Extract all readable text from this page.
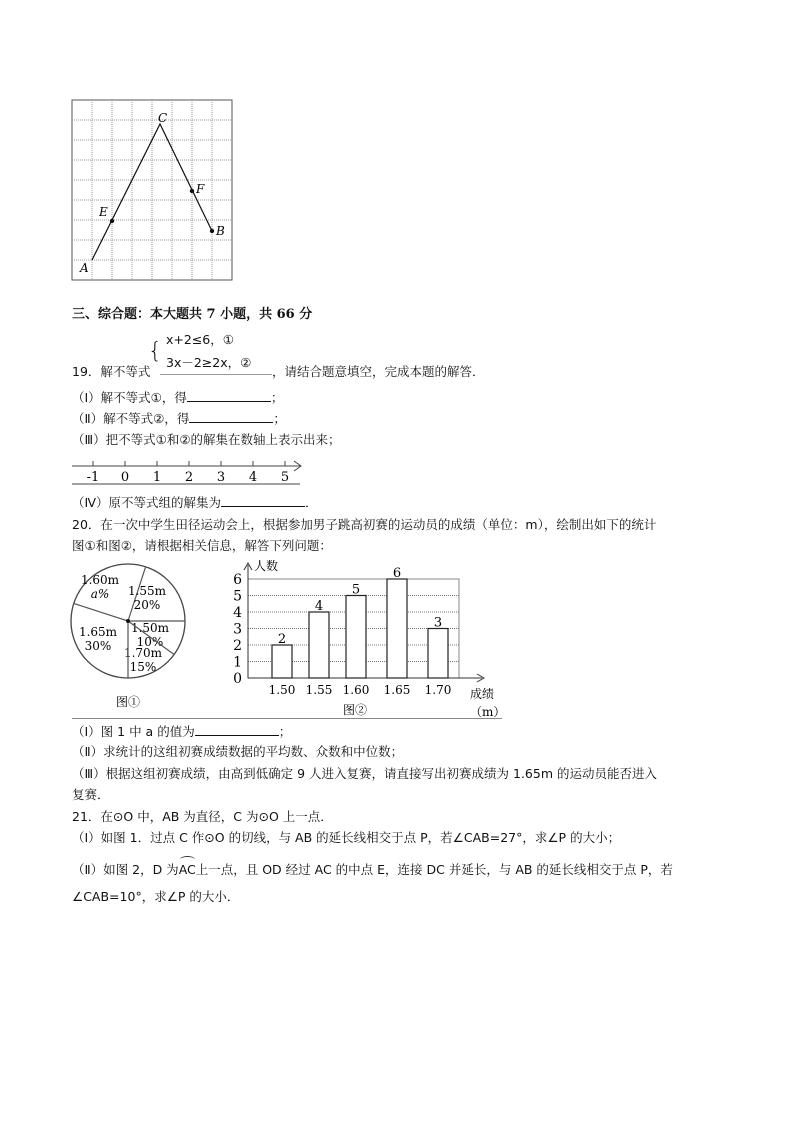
A
B
C
E
F
三、综合题：本大题共 7 小题，共 66 分
19．解不等式
{ x+2≤6，①
3x－2≥2x，②
，请结合题意填空，完成本题的解答．
（Ⅰ）解不等式①，得	；
（Ⅱ）解不等式②，得	；
（Ⅲ）把不等式①和②的解集在数轴上表示出来；
（Ⅳ）原不等式组的解集为	．
-1 0 1 2 3 4 5
20．在一次中学生田径运动会上，根据参加男子跳高初赛的运动员的成绩（单位：m），绘制出如下的统计
图①和图②，请根据相关信息，解答下列问题：
1.50m
10%
1.70m
15%
1.65m
30%
1.60m
a% 1.55m
20%
图①
0
1
2
3
4
5
6
人数
2
1.50
4
1.55
5
1.60
6
1.65
3
1.70 成绩
（m）
图②
（Ⅰ）图 1 中 a 的值为	；
（Ⅱ）求统计的这组初赛成绩数据的平均数、众数和中位数；
（Ⅲ）根据这组初赛成绩，由高到低确定 9 人进入复赛，请直接写出初赛成绩为 1.65m 的运动员能否进入
复赛．
21．在⊙O 中，AB 为直径，C 为⊙O 上一点．
（Ⅰ）如图 1．过点 C 作⊙O 的切线，与 AB 的延长线相交于点 P，若∠CAB=27°，求∠P 的大小；
（Ⅱ）如图 2，D 为
AC上一点，且 OD 经过 AC 的中点 E，连接 DC 并延长，与 AB 的延长线相交于点 P，若
∠CAB=10°，求∠P 的大小．
